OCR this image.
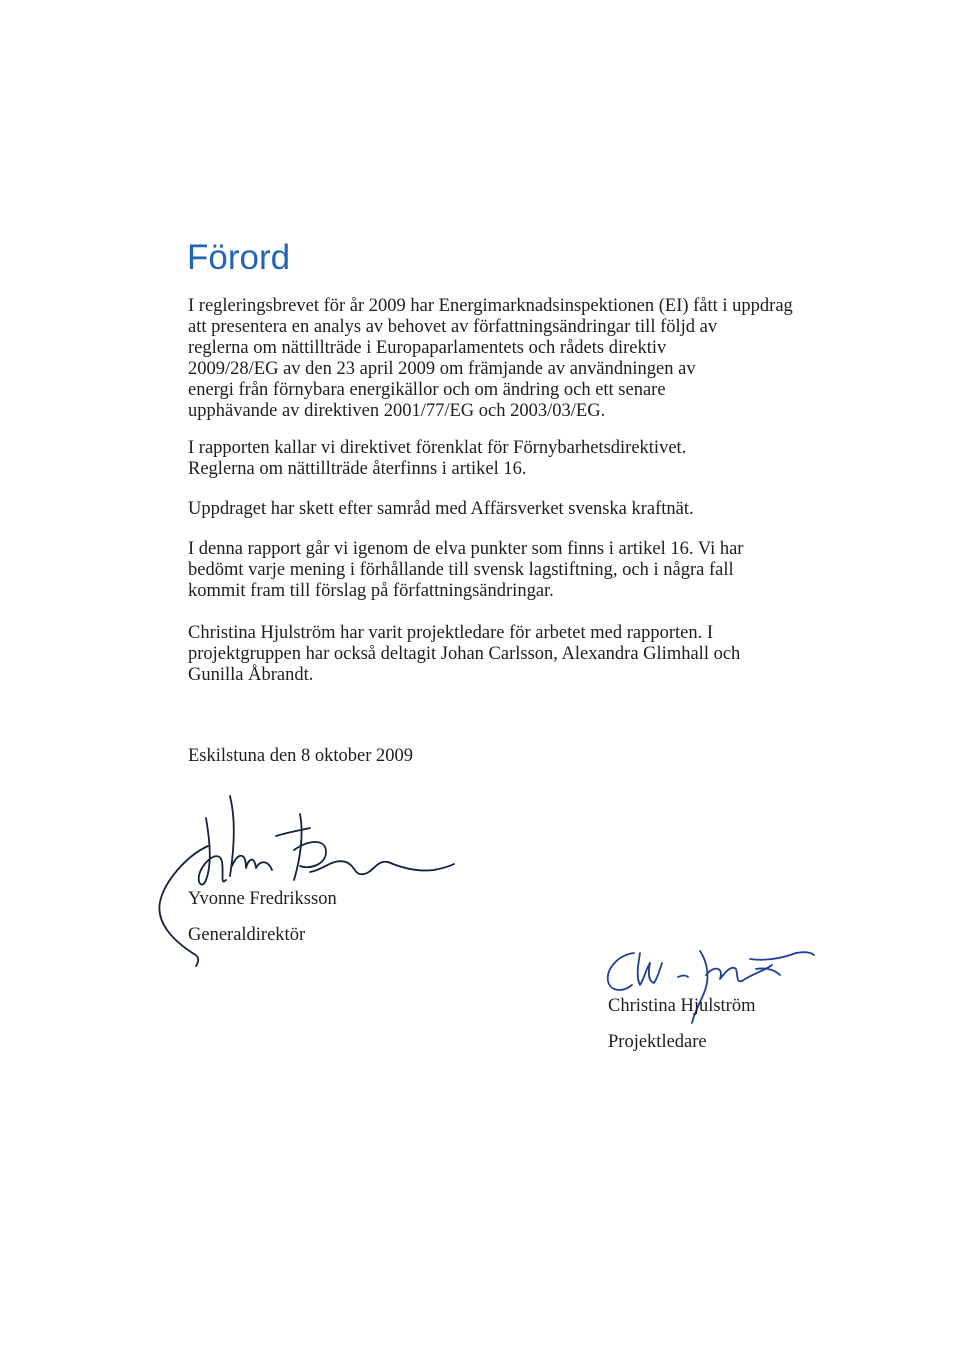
Förord

I regleringsbrevet för år 2009 har Energimarknadsinspektionen (EI) fått i uppdrag
att presentera en analys av behovet av författningsändringar till följd av
reglerna om nättillträde i Europaparlamentets och rådets direktiv
2009/28/EG av den 23 april 2009 om främjande av användningen av
energi från förnybara energikällor och om ändring och ett senare
upphävande av direktiven 2001/77/EG och 2003/03/EG.

I rapporten kallar vi direktivet förenklat för Förnybarhetsdirektivet.
Reglerna om nättillträde återfinns i artikel 16.

Uppdraget har skett efter samråd med Affärsverket svenska kraftnät.

I denna rapport går vi igenom de elva punkter som finns i artikel 16. Vi har
bedömt varje mening i förhållande till svensk lagstiftning, och i några fall
kommit fram till förslag på författningsändringar.

Christina Hjulström har varit projektledare för arbetet med rapporten. I
projektgruppen har också deltagit Johan Carlsson, Alexandra Glimhall och
Gunilla Åbrandt.

Eskilstuna den 8 oktober 2009

Yvonne Fredriksson
Generaldirektör
Christina Hjulström
Projektledare
